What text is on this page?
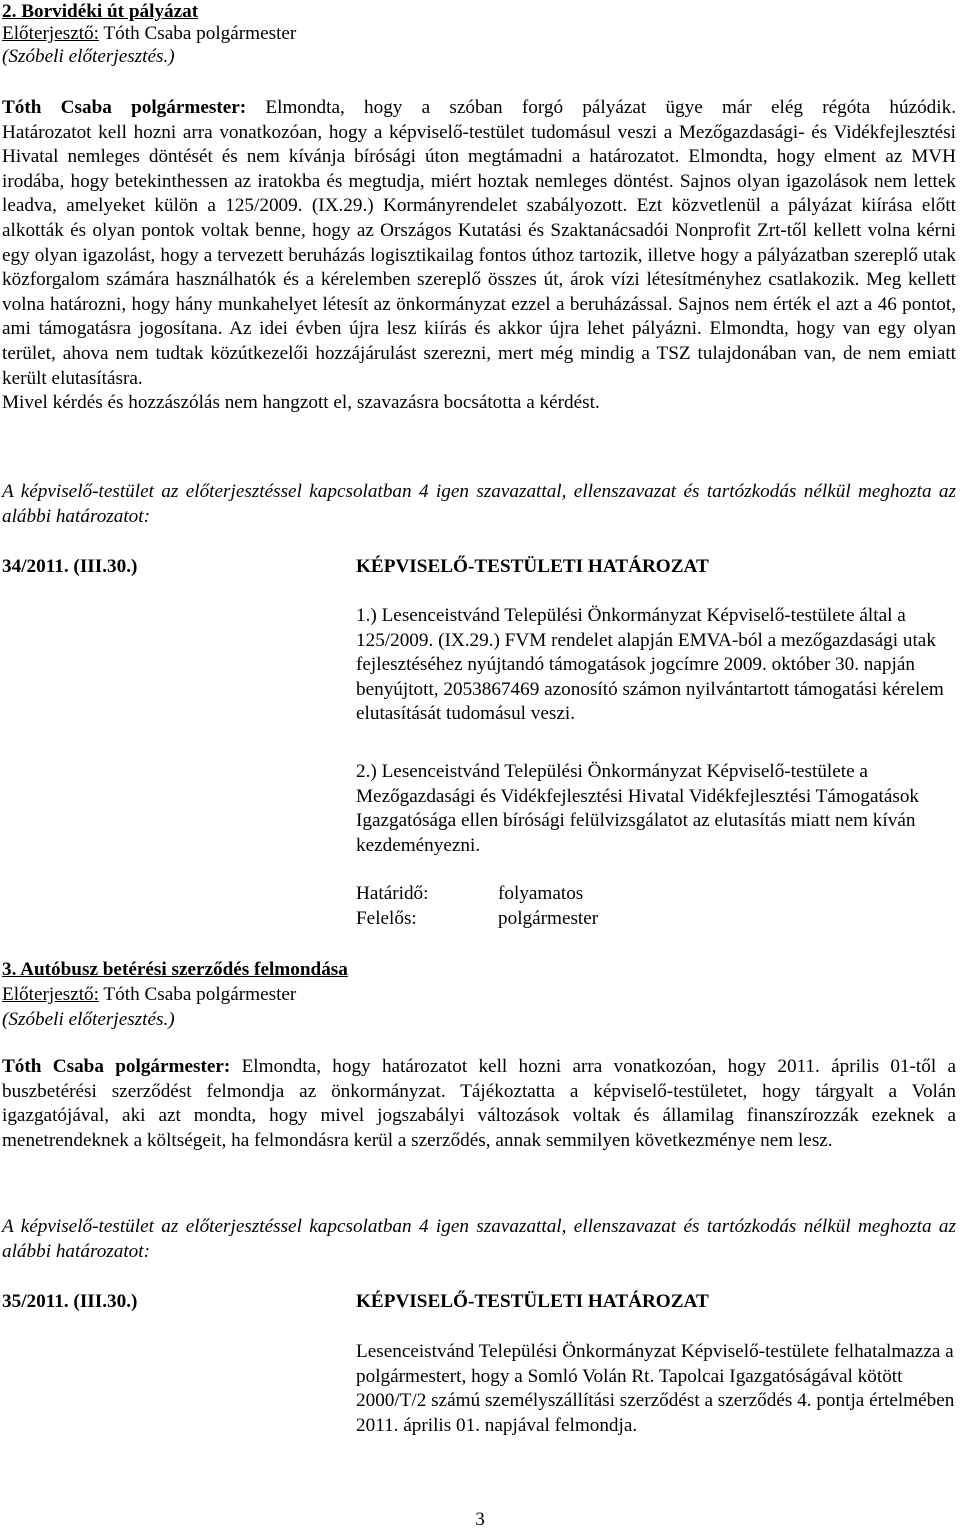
2. Borvidéki út pályázat
Előterjesztő: Tóth Csaba polgármester
(Szóbeli előterjesztés.)
Tóth Csaba polgármester: Elmondta, hogy a szóban forgó pályázat ügye már elég régóta húzódik.
Határozatot kell hozni arra vonatkozóan, hogy a képviselő-testület tudomásul veszi a Mezőgazdasági- és Vidékfejlesztési Hivatal nemleges döntését és nem kívánja bírósági úton megtámadni a határozatot. Elmondta, hogy elment az MVH irodába, hogy betekinthessen az iratokba és megtudja, miért hoztak nemleges döntést. Sajnos olyan igazolások nem lettek leadva, amelyeket külön a 125/2009. (IX.29.) Kormányrendelet szabályozott. Ezt közvetlenül a pályázat kiírása előtt alkották és olyan pontok voltak benne, hogy az Országos Kutatási és Szaktanácsadói Nonprofit Zrt-től kellett volna kérni egy olyan igazolást, hogy a tervezett beruházás logisztikailag fontos úthoz tartozik, illetve hogy a pályázatban szereplő utak közforgalom számára használhatók és a kérelemben szereplő összes út, árok vízi létesítményhez csatlakozik. Meg kellett volna határozni, hogy hány munkahelyet létesít az önkormányzat ezzel a beruházással. Sajnos nem érték el azt a 46 pontot, ami támogatásra jogosítana. Az idei évben újra lesz kiírás és akkor újra lehet pályázni. Elmondta, hogy van egy olyan terület, ahova nem tudtak közútkezelői hozzájárulást szerezni, mert még mindig a TSZ tulajdonában van, de nem emiatt került elutasításra.
Mivel kérdés és hozzászólás nem hangzott el, szavazásra bocsátotta a kérdést.
A képviselő-testület az előterjesztéssel kapcsolatban 4 igen szavazattal, ellenszavazat és tartózkodás nélkül meghozta az alábbi határozatot:
34/2011. (III.30.)	KÉPVISELŐ-TESTÜLETI HATÁROZAT
1.) Lesenceistvánd Települési Önkormányzat Képviselő-testülete által a 125/2009. (IX.29.) FVM rendelet alapján EMVA-ból a mezőgazdasági utak fejlesztéséhez nyújtandó támogatások jogcímre 2009. október 30. napján benyújtott, 2053867469 azonosító számon nyilvántartott támogatási kérelem elutasítását tudomásul veszi.
2.) Lesenceistvánd Települési Önkormányzat Képviselő-testülete a Mezőgazdasági és Vidékfejlesztési Hivatal Vidékfejlesztési Támogatások Igazgatósága ellen bírósági felülvizsgálatot az elutasítás miatt nem kíván kezdeményezni.
Határidő:	folyamatos
Felelős:	polgármester
3. Autóbusz betérési szerződés felmondása
Előterjesztő: Tóth Csaba polgármester
(Szóbeli előterjesztés.)
Tóth Csaba polgármester: Elmondta, hogy határozatot kell hozni arra vonatkozóan, hogy 2011. április 01-től a buszbetérési szerződést felmondja az önkormányzat. Tájékoztatta a képviselő-testületet, hogy tárgyalt a Volán igazgatójával, aki azt mondta, hogy mivel jogszabályi változások voltak és államilag finanszírozzák ezeknek a menetrendeknek a költségeit, ha felmondásra kerül a szerződés, annak semmilyen következménye nem lesz.
A képviselő-testület az előterjesztéssel kapcsolatban 4 igen szavazattal, ellenszavazat és tartózkodás nélkül meghozta az alábbi határozatot:
35/2011. (III.30.)	KÉPVISELŐ-TESTÜLETI HATÁROZAT
Lesenceistvánd Települési Önkormányzat Képviselő-testülete felhatalmazza a polgármestert, hogy a Somló Volán Rt. Tapolcai Igazgatóságával kötött 2000/T/2 számú személyszállítási szerződést a szerződés 4. pontja értelmében 2011. április 01. napjával felmondja.
3
